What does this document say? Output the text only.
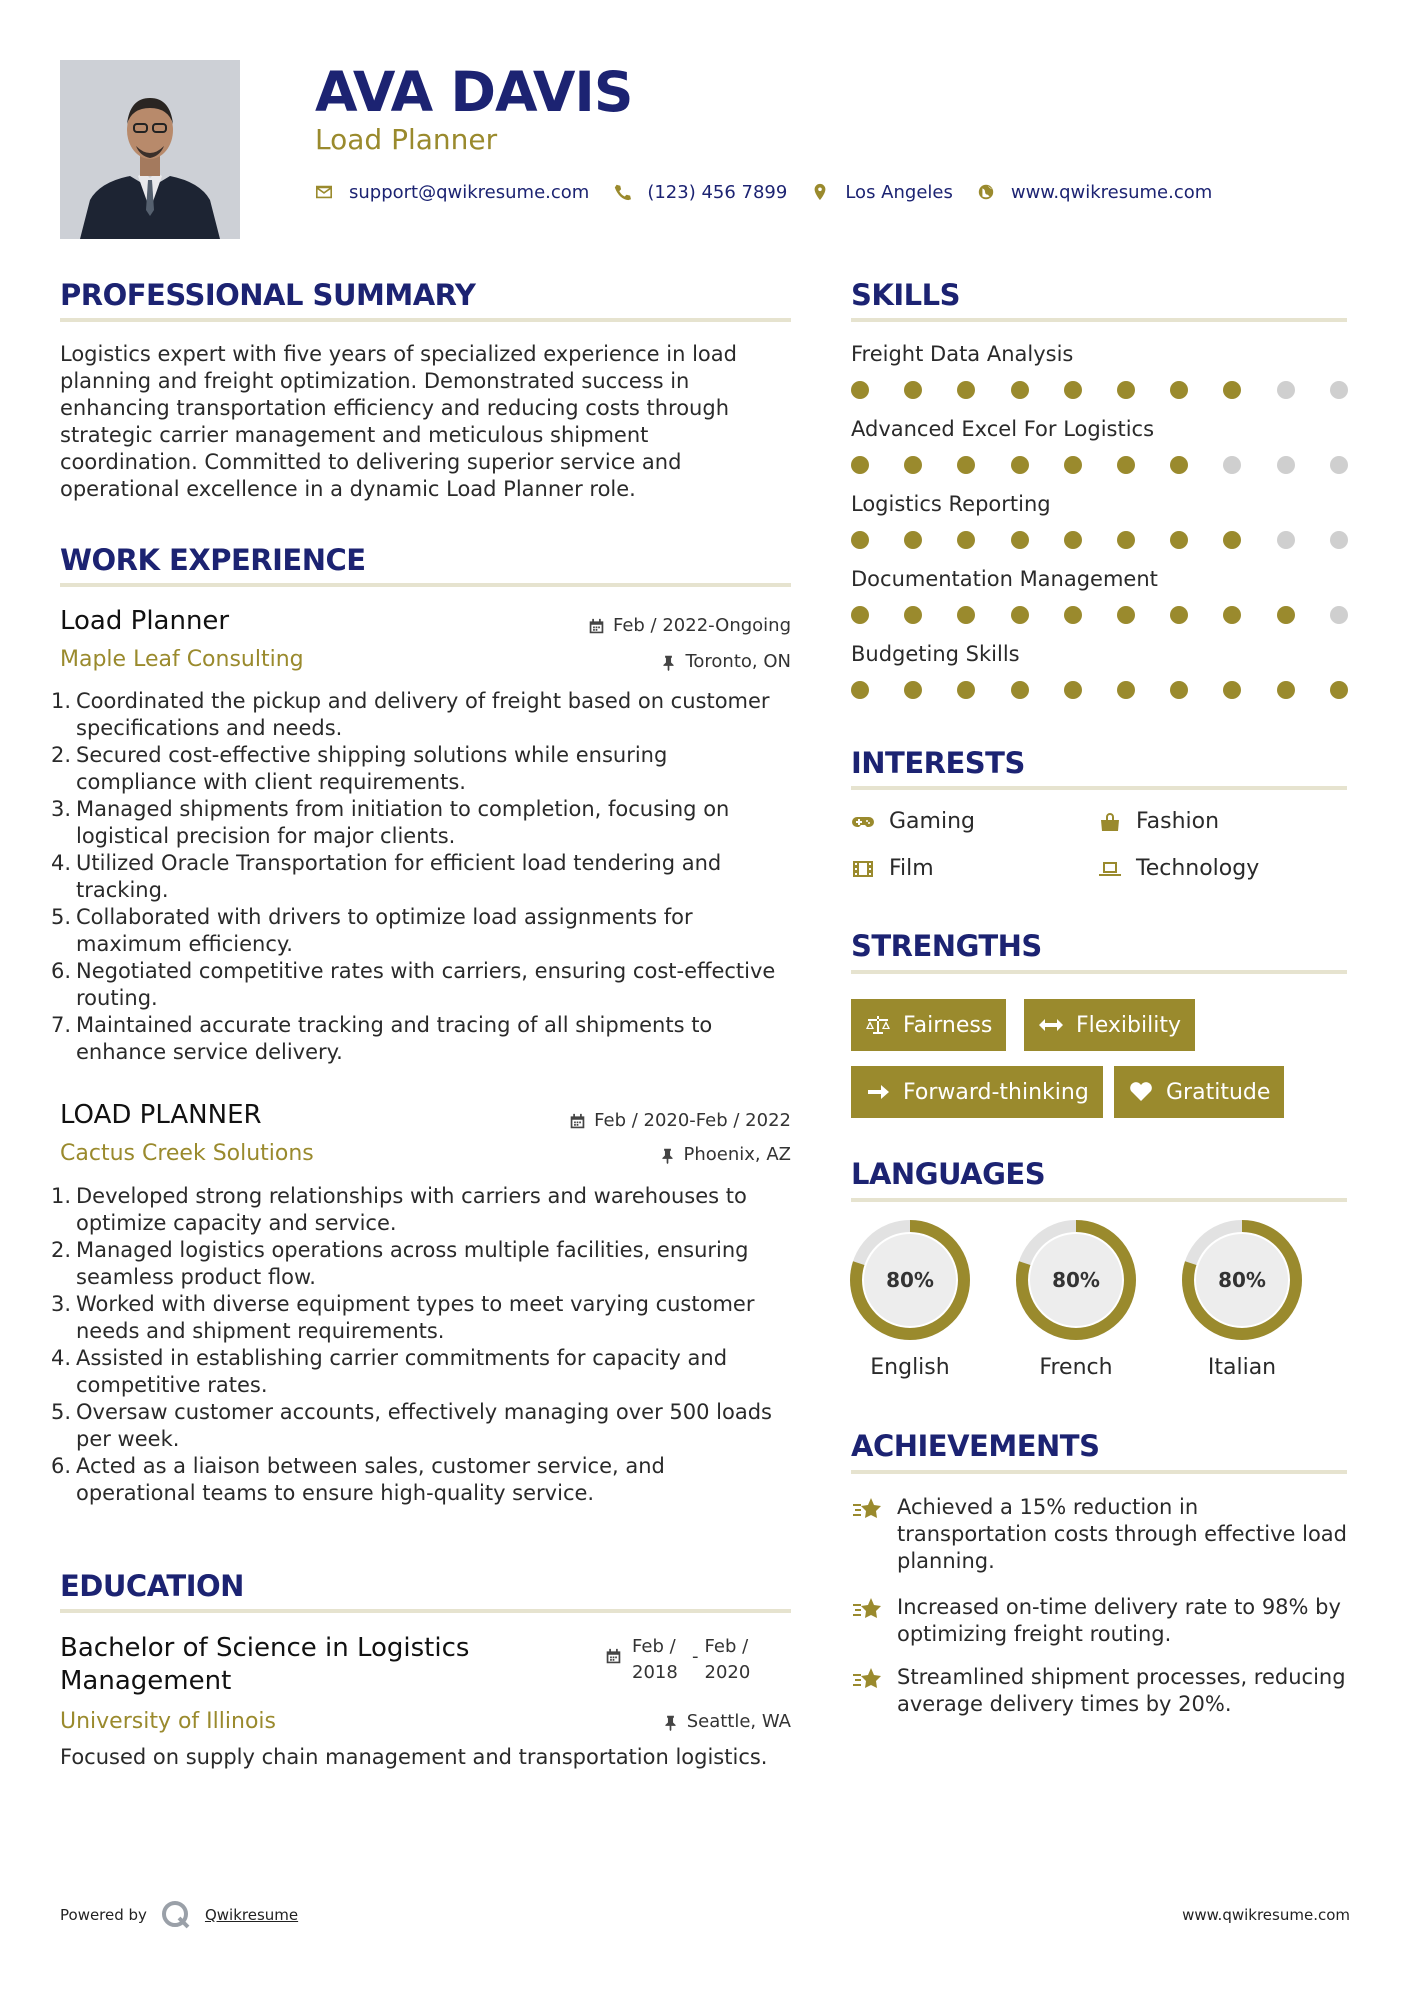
AVA DAVIS
Load Planner
support@qwikresume.com	(123) 456 7899	Los Angeles	www.qwikresume.com
PROFESSIONAL SUMMARY
Logistics expert with five years of specialized experience in load planning and freight optimization. Demonstrated success in enhancing transportation efficiency and reducing costs through strategic carrier management and meticulous shipment coordination. Committed to delivering superior service and operational excellence in a dynamic Load Planner role.
WORK EXPERIENCE
Load Planner	Feb / 2022-Ongoing
Maple Leaf Consulting	Toronto, ON
1. Coordinated the pickup and delivery of freight based on customer specifications and needs.
2. Secured cost-effective shipping solutions while ensuring compliance with client requirements.
3. Managed shipments from initiation to completion, focusing on logistical precision for major clients.
4. Utilized Oracle Transportation for efficient load tendering and tracking.
5. Collaborated with drivers to optimize load assignments for maximum efficiency.
6. Negotiated competitive rates with carriers, ensuring cost-effective routing.
7. Maintained accurate tracking and tracing of all shipments to enhance service delivery.
LOAD PLANNER	Feb / 2020-Feb / 2022
Cactus Creek Solutions	Phoenix, AZ
1. Developed strong relationships with carriers and warehouses to optimize capacity and service.
2. Managed logistics operations across multiple facilities, ensuring seamless product flow.
3. Worked with diverse equipment types to meet varying customer needs and shipment requirements.
4. Assisted in establishing carrier commitments for capacity and competitive rates.
5. Oversaw customer accounts, effectively managing over 500 loads per week.
6. Acted as a liaison between sales, customer service, and operational teams to ensure high-quality service.
EDUCATION
Bachelor of Science in Logistics Management
Feb / 2018
- Feb / 2020
University of Illinois	Seattle, WA
Focused on supply chain management and transportation logistics.
SKILLS
Freight Data Analysis
Advanced Excel For Logistics
Logistics Reporting
Documentation Management
Budgeting Skills
INTERESTS
Gaming	Fashion
Film	Technology
STRENGTHS
Fairness	Flexibility
Forward-thinking	Gratitude
LANGUAGES
80%
English
80%
French
80%
Italian
ACHIEVEMENTS
Achieved a 15% reduction in transportation costs through effective load planning.
Increased on-time delivery rate to 98% by optimizing freight routing.
Streamlined shipment processes, reducing average delivery times by 20%.
Powered by	Qwikresume	www.qwikresume.com
